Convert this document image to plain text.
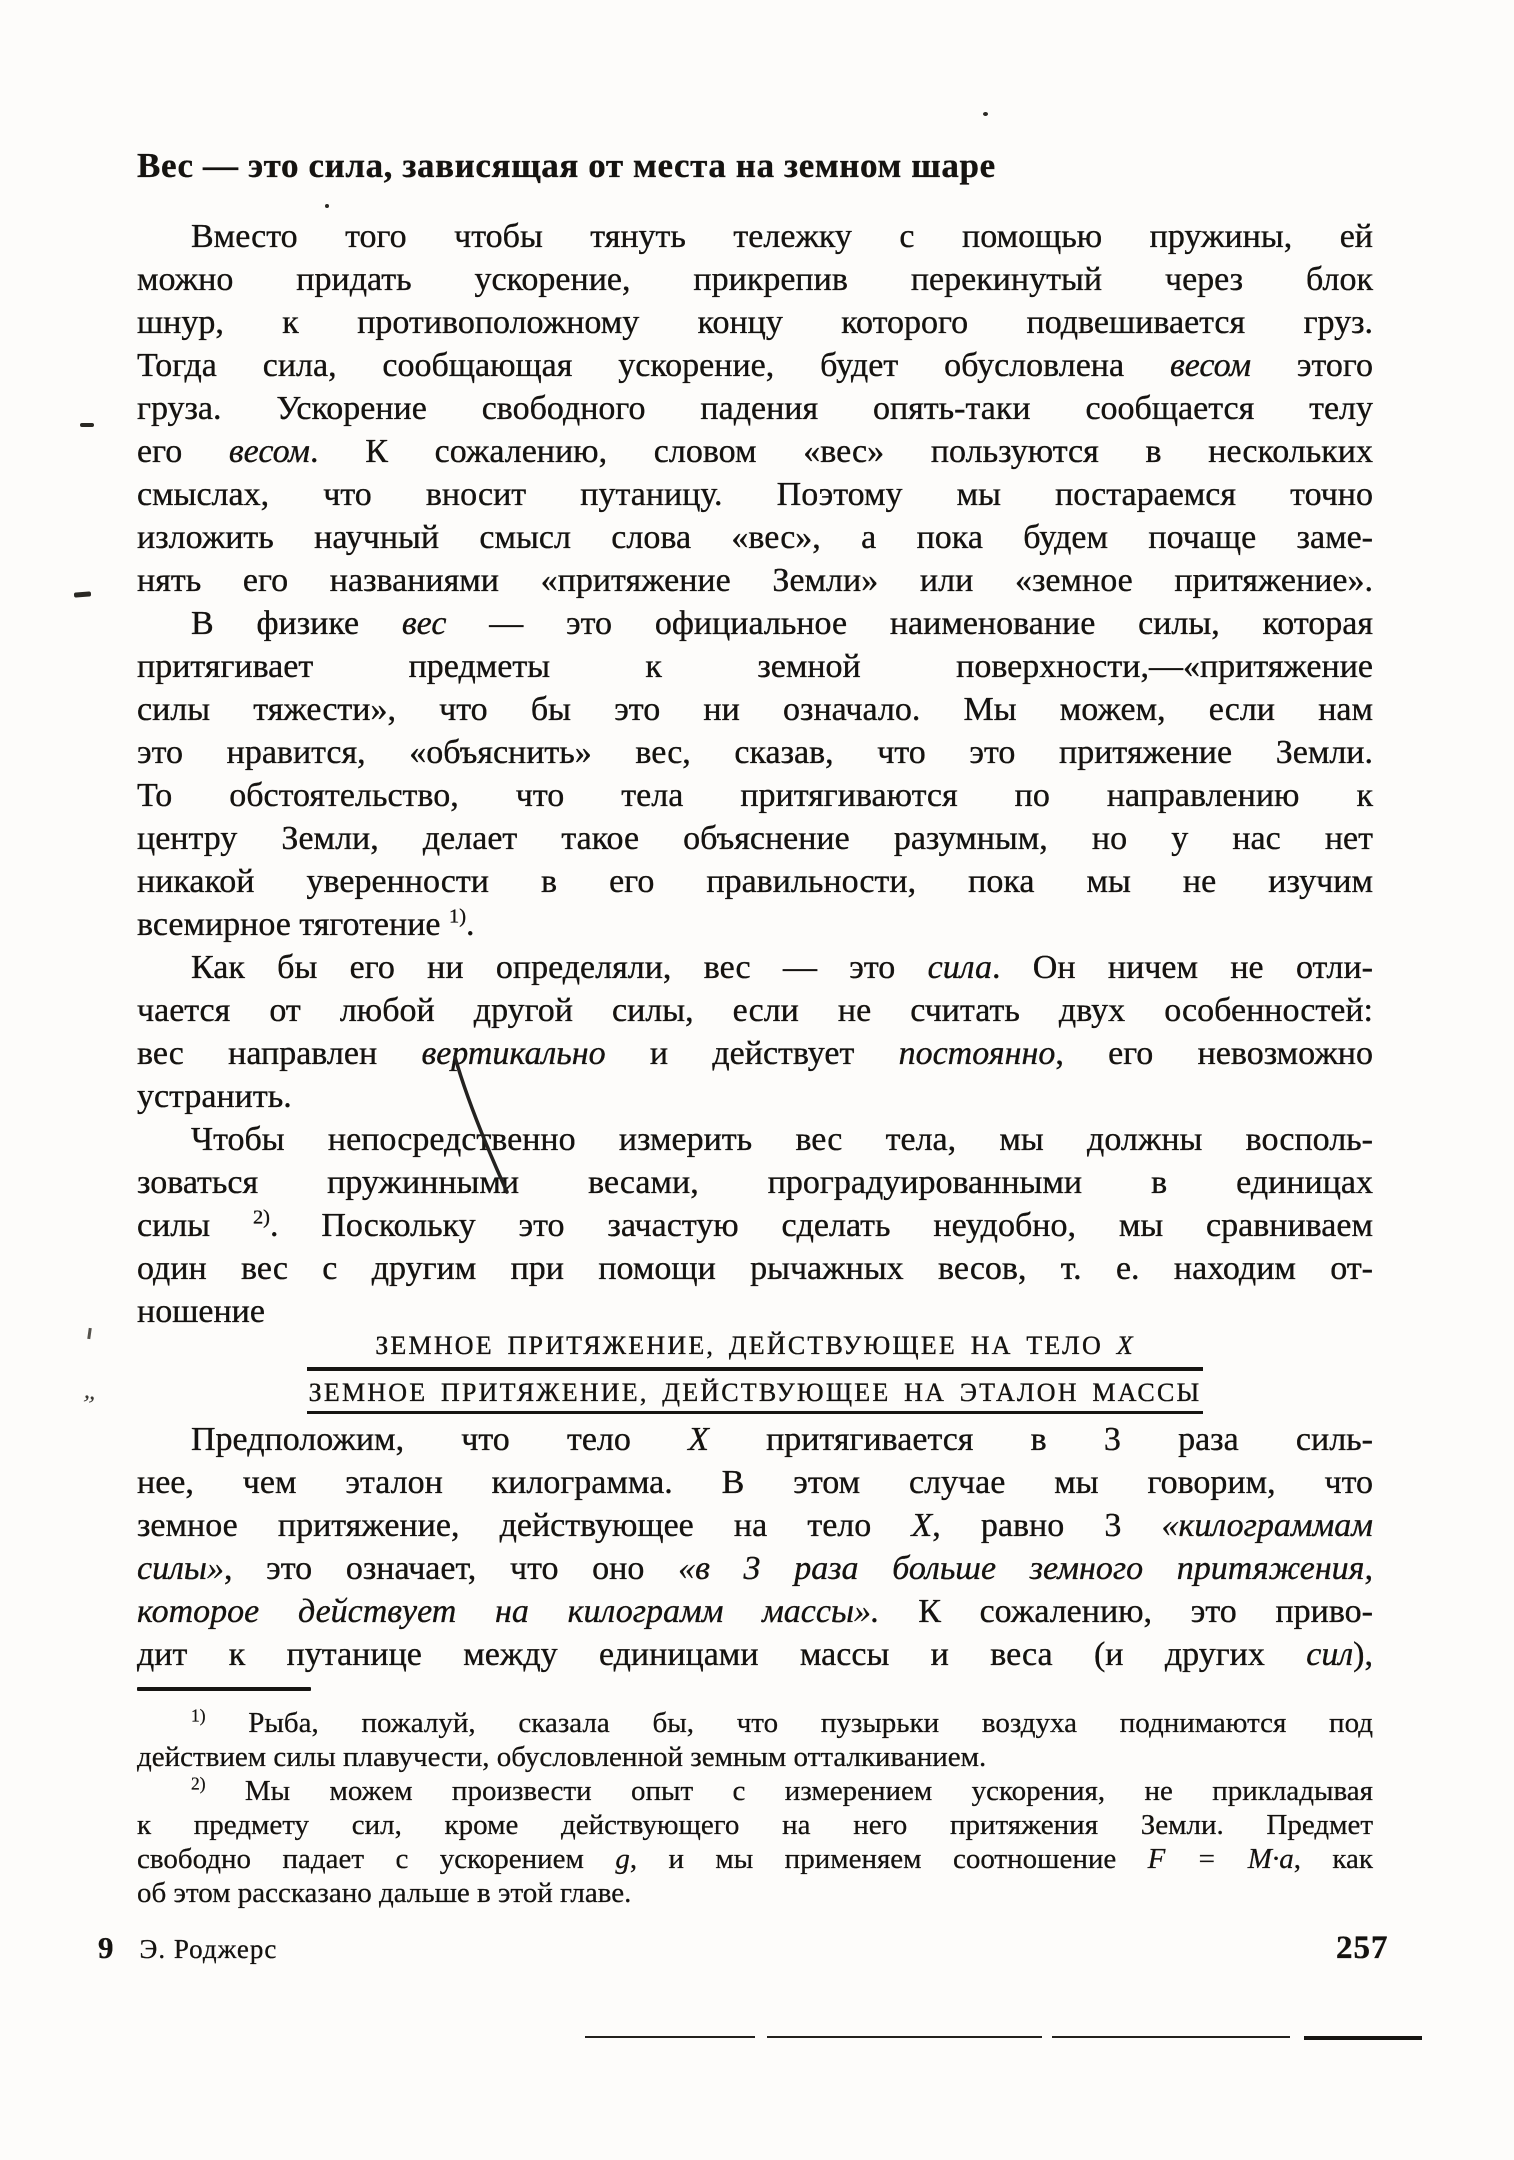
Вес — это сила, зависящая от места на земном шаре
Вместо того чтобы тянуть тележку с помощью пружины, ей
можно придать ускорение, прикрепив перекинутый через блок
шнур, к противоположному концу которого подвешивается груз.
Тогда сила, сообщающая ускорение, будет обусловлена весом этого
груза. Ускорение свободного падения опять-таки сообщается телу
его весом. К сожалению, словом «вес» пользуются в нескольких
смыслах, что вносит путаницу. Поэтому мы постараемся точно
изложить научный смысл слова «вес», а пока будем почаще заме-
нять его названиями «притяжение Земли» или «земное притяжение».
В физике вес — это официальное наименование силы, которая
притягивает предметы к земной поверхности,—«притяжение
силы тяжести», что бы это ни означало. Мы можем, если нам
это нравится, «объяснить» вес, сказав, что это притяжение Земли.
То обстоятельство, что тела притягиваются по направлению к
центру Земли, делает такое объяснение разумным, но у нас нет
никакой уверенности в его правильности, пока мы не изучим
всемирное тяготение $^{1)}$.
Как бы его ни определяли, вес — это сила. Он ничем не отли-
чается от любой другой силы, если не считать двух особенностей:
вес направлен вертикально и действует постоянно, его невозможно
устранить.
Чтобы непосредственно измерить вес тела, мы должны восполь-
зоваться пружинными весами, проградуированными в единицах
силы $^{2)}$. Поскольку это зачастую сделать неудобно, мы сравниваем
один вес с другим при помощи рычажных весов, т. е. находим от-
ношение
$\frac{\text{ЗЕМНОЕ ПРИТЯЖЕНИЕ, ДЕЙСТВУЮЩЕЕ НА ТЕЛО X}}{\text{ЗЕМНОЕ ПРИТЯЖЕНИЕ, ДЕЙСТВУЮЩЕЕ НА ЭТАЛОН МАССЫ}}$
Предположим, что тело X притягивается в 3 раза силь-
нее, чем эталон килограмма. В этом случае мы говорим, что
земное притяжение, действующее на тело X, равно 3 «килограммам
силы», это означает, что оно «в 3 раза больше земного притяжения,
которое действует на килограмм массы». К сожалению, это приво-
дит к путанице между единицами массы и веса (и других сил),
$^{1)}$ Рыба, пожалуй, сказала бы, что пузырьки воздуха поднимаются под
действием силы плавучести, обусловленной земным отталкиванием.
$^{2)}$ Мы можем произвести опыт с измерением ускорения, не прикладывая
к предмету сил, кроме действующего на него притяжения Земли. Предмет
свободно падает с ускорением g, и мы применяем соотношение F = M·a, как
об этом рассказано дальше в этой главе.
9 Э. Роджерс	257
”
